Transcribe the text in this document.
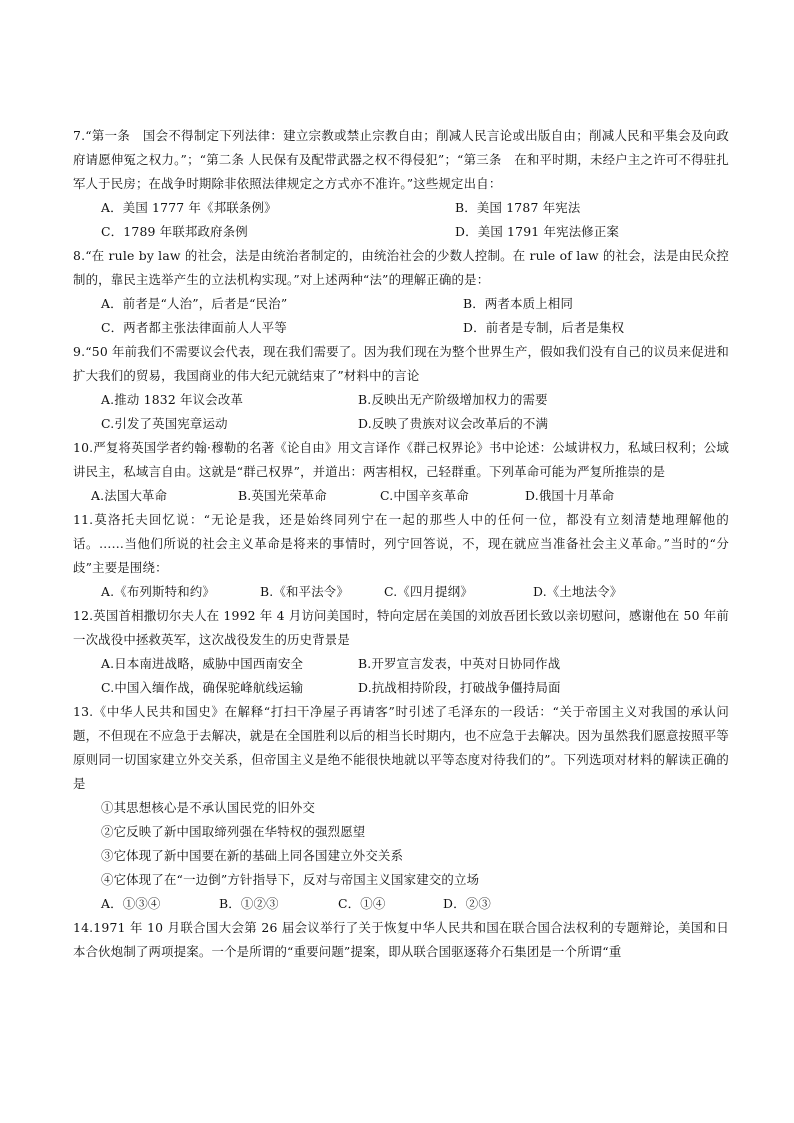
7.“第一条　国会不得制定下列法律：建立宗教或禁止宗教自由；削减人民言论或出版自由；削减人民和平集会及向政府请愿伸冤之权力。”；“第二条 人民保有及配带武器之权不得侵犯”；“第三条　在和平时期，未经户主之许可不得驻扎军人于民房；在战争时期除非依照法律规定之方式亦不准许。”这些规定出自：

A．美国 1777 年《邦联条例》	B．美国 1787 年宪法
C．1789 年联邦政府条例	D．美国 1791 年宪法修正案

8.“在 rule by law 的社会，法是由统治者制定的，由统治社会的少数人控制。在 rule of law 的社会，法是由民众控制的，靠民主选举产生的立法机构实现。”对上述两种“法”的理解正确的是：

A．前者是“人治”，后者是“民治”	B．两者本质上相同
C．两者都主张法律面前人人平等	D．前者是专制，后者是集权

9.“50 年前我们不需要议会代表，现在我们需要了。因为我们现在为整个世界生产，假如我们没有自己的议员来促进和扩大我们的贸易，我国商业的伟大纪元就结束了”材料中的言论

A.推动 1832 年议会改革	B.反映出无产阶级增加权力的需要
C.引发了英国宪章运动	D.反映了贵族对议会改革后的不满

10.严复将英国学者约翰·穆勒的名著《论自由》用文言译作《群己权界论》书中论述：公域讲权力，私域曰权利；公域讲民主，私域言自由。这就是“群己权界”，并道出：两害相权，己轻群重。下列革命可能为严复所推崇的是

A.法国大革命	B.英国光荣革命	C.中国辛亥革命	D.俄国十月革命

11.莫洛托夫回忆说：“无论是我，还是始终同列宁在一起的那些人中的任何一位，都没有立刻清楚地理解他的话。……当他们所说的社会主义革命是将来的事情时，列宁回答说，不，现在就应当准备社会主义革命。”当时的“分歧”主要是围绕：

A.《布列斯特和约》	B.《和平法令》	C.《四月提纲》	D.《土地法令》

12.英国首相撒切尔夫人在 1992 年 4 月访问美国时，特向定居在美国的刘放吾团长致以亲切慰问，感谢他在 50 年前一次战役中拯救英军，这次战役发生的历史背景是

A.日本南进战略，威胁中国西南安全	B.开罗宣言发表，中英对日协同作战
C.中国入缅作战，确保驼峰航线运输	D.抗战相持阶段，打破战争僵持局面

13.《中华人民共和国史》在解释“打扫干净屋子再请客”时引述了毛泽东的一段话：“关于帝国主义对我国的承认问题，不但现在不应急于去解决，就是在全国胜利以后的相当长时期内，也不应急于去解决。因为虽然我们愿意按照平等原则同一切国家建立外交关系，但帝国主义是绝不能很快地就以平等态度对待我们的”。下列选项对材料的解读正确的是

①其思想核心是不承认国民党的旧外交

②它反映了新中国取缔列强在华特权的强烈愿望

③它体现了新中国要在新的基础上同各国建立外交关系

④它体现了在“一边倒”方针指导下，反对与帝国主义国家建交的立场

A．①③④	B．①②③	C．①④	D．②③

14.1971 年 10 月联合国大会第 26 届会议举行了关于恢复中华人民共和国在联合国合法权利的专题辩论，美国和日本合伙炮制了两项提案。一个是所谓的“重要问题”提案，即从联合国驱逐蒋介石集团是一个所谓“重
